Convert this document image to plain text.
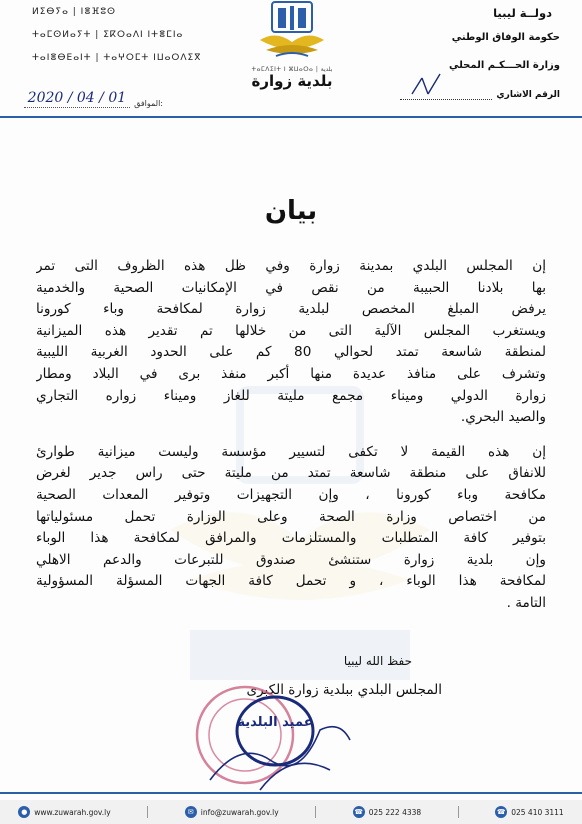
دولــة ليبيا
حكومة الوفاق الوطني
وزارة الحـــكـم المحلي
الرقم الاشاري
ⵍⵉⴱⵢⴰ | ⵏⴻⴼⵓⵙ
ⵜⴰⵎⵙⵍⴰⵢⵜ | ⵉⴽⵔⴰⴷⵏ ⵏⵜⴻⵎⵏⴰ
ⵜⴰⵏⴻⴱⴹⴰⵏⵜ | ⵜⴰⵖⵔⵎⵜ ⵏⵡⴰⵔⴷⵉⴳ
:الموافق
2020 / 04 / 01
ⵜⴰⵎⴷⵉⵏⵜ ⵏ ⵣⵡⴰⵔⴰ | بلدية
بلدية زوارة
بيان
إن المجلس البلدي بمدينة زوارة وفي ظل هذه الظروف التى تمر
بها بلادنا الحبيبة من نقص في الإمكانيات الصحية والخدمية
يرفض المبلغ المخصص لبلدية زوارة لمكافحة وباء كورونا
ويستغرب المجلس الآلية التى من خلالها تم تقدير هذه الميزانية
لمنطقة شاسعة تمتد لحوالي 80 كم على الحدود الغربية الليبية
وتشرف على منافذ عديدة منها أكبر منفذ برى في البلاد ومطار
زوارة الدولي وميناء مجمع مليتة للغاز وميناء زواره التجاري
والصيد البحري.
إن هذه القيمة لا تكفى لتسيير مؤسسة وليست ميزانية طوارئ
للانفاق على منطقة شاسعة تمتد من مليتة حتى راس جدير لغرض
مكافحة وباء كورونا ، وإن التجهيزات وتوفير المعدات الصحية
من اختصاص وزارة الصحة وعلى الوزارة تحمل مسئولياتها
بتوفير كافة المتطلبات والمستلزمات والمرافق لمكافحة هذا الوباء
وإن بلدية زوارة ستنشئ صندوق للتبرعات والدعم الاهلي
لمكافحة هذا الوباء ، و تحمل كافة الجهات المسؤلة المسؤولية
التامة .
حفظ الله ليبيا
المجلس البلدي ببلدية زوارة الكبرى
عميد البلدية
● www.zuwarah.gov.ly	✉ info@zuwarah.gov.ly	☎ 025 222 4338	☎ 025 410 3111
